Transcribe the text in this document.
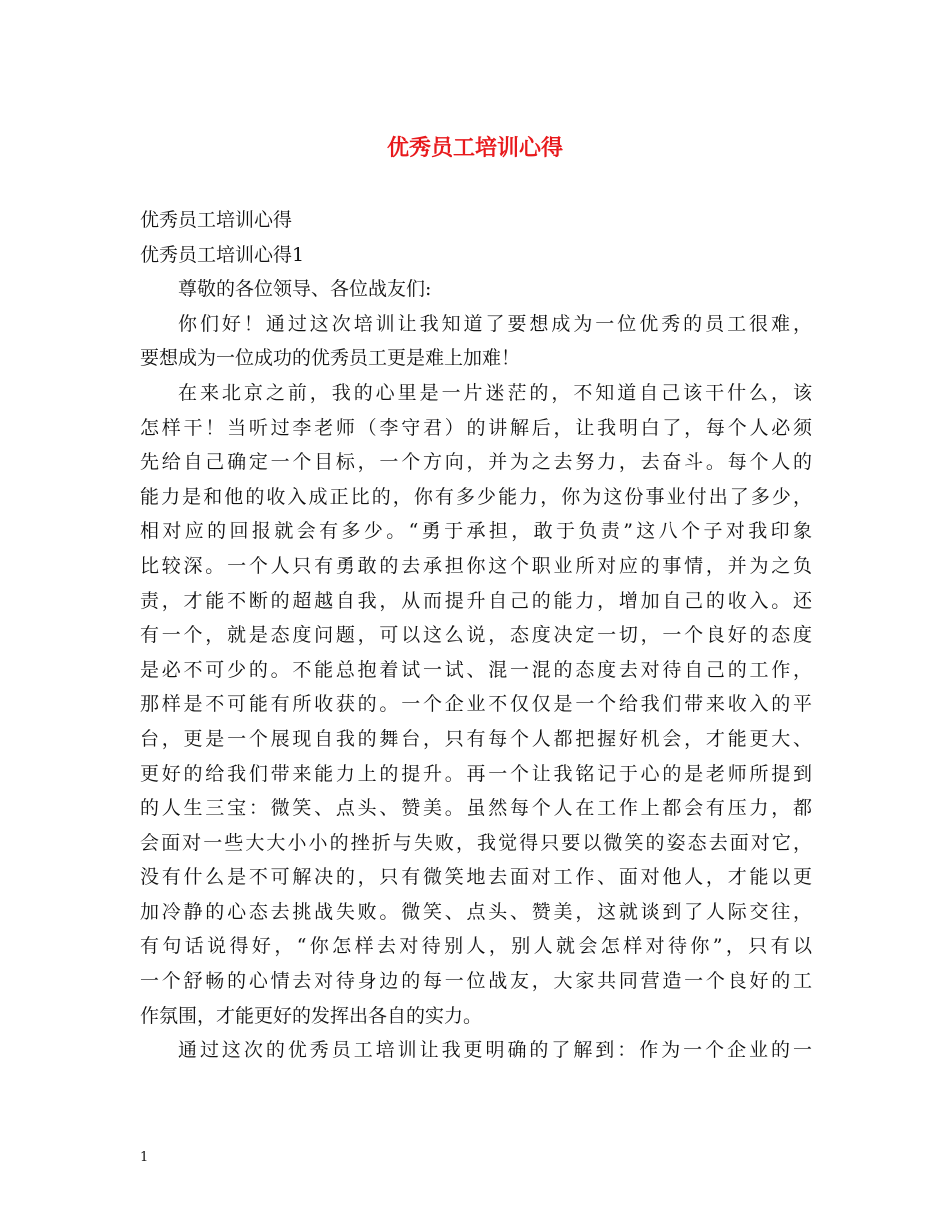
优秀员工培训心得
优秀员工培训心得
优秀员工培训心得1
尊敬的各位领导、各位战友们:
你们好！通过这次培训让我知道了要想成为一位优秀的员工很难，
要想成为一位成功的优秀员工更是难上加难！
在来北京之前，我的心里是一片迷茫的，不知道自己该干什么，该
怎样干！当听过李老师（李守君）的讲解后，让我明白了，每个人必须
先给自己确定一个目标，一个方向，并为之去努力，去奋斗。每个人的
能力是和他的收入成正比的，你有多少能力，你为这份事业付出了多少，
相对应的回报就会有多少。“勇于承担，敢于负责”这八个子对我印象
比较深。一个人只有勇敢的去承担你这个职业所对应的事情，并为之负
责，才能不断的超越自我，从而提升自己的能力，增加自己的收入。还
有一个，就是态度问题，可以这么说，态度决定一切，一个良好的态度
是必不可少的。不能总抱着试一试、混一混的态度去对待自己的工作，
那样是不可能有所收获的。一个企业不仅仅是一个给我们带来收入的平
台，更是一个展现自我的舞台，只有每个人都把握好机会，才能更大、
更好的给我们带来能力上的提升。再一个让我铭记于心的是老师所提到
的人生三宝：微笑、点头、赞美。虽然每个人在工作上都会有压力，都
会面对一些大大小小的挫折与失败，我觉得只要以微笑的姿态去面对它，
没有什么是不可解决的，只有微笑地去面对工作、面对他人，才能以更
加冷静的心态去挑战失败。微笑、点头、赞美，这就谈到了人际交往，
有句话说得好，“你怎样去对待别人，别人就会怎样对待你”，只有以
一个舒畅的心情去对待身边的每一位战友，大家共同营造一个良好的工
作氛围，才能更好的发挥出各自的实力。
通过这次的优秀员工培训让我更明确的了解到：作为一个企业的一
1
